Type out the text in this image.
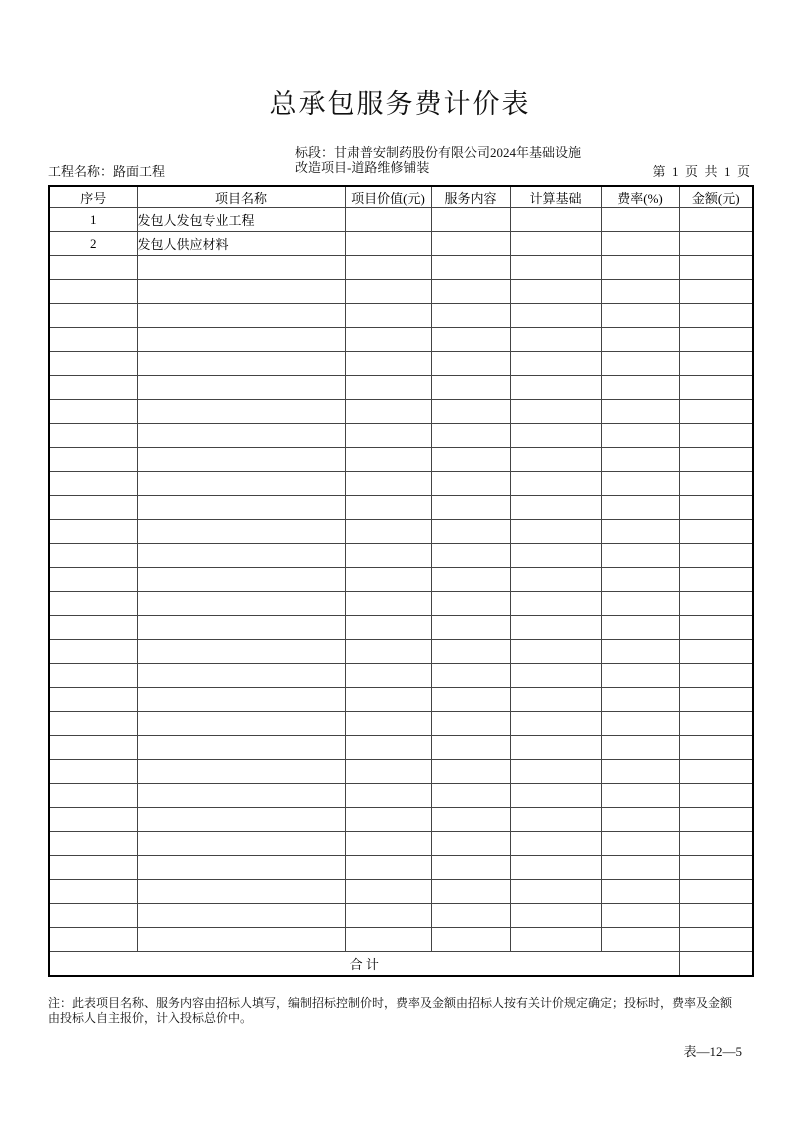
总承包服务费计价表
工程名称：路面工程
标段：甘肃普安制药股份有限公司2024年基础设施
改造项目-道路维修铺装	第  1  页  共  1  页
序号	项目名称	项目价值(元)	服务内容	计算基础	费率(%)	金额(元)
1	发包人发包专业工程					
2	发包人供应材料					

合 计						
注：此表项目名称、服务内容由招标人填写，编制招标控制价时，费率及金额由招标人按有关计价规定确定；投标时，费率及金额
由投标人自主报价，计入投标总价中。
表—12—5
